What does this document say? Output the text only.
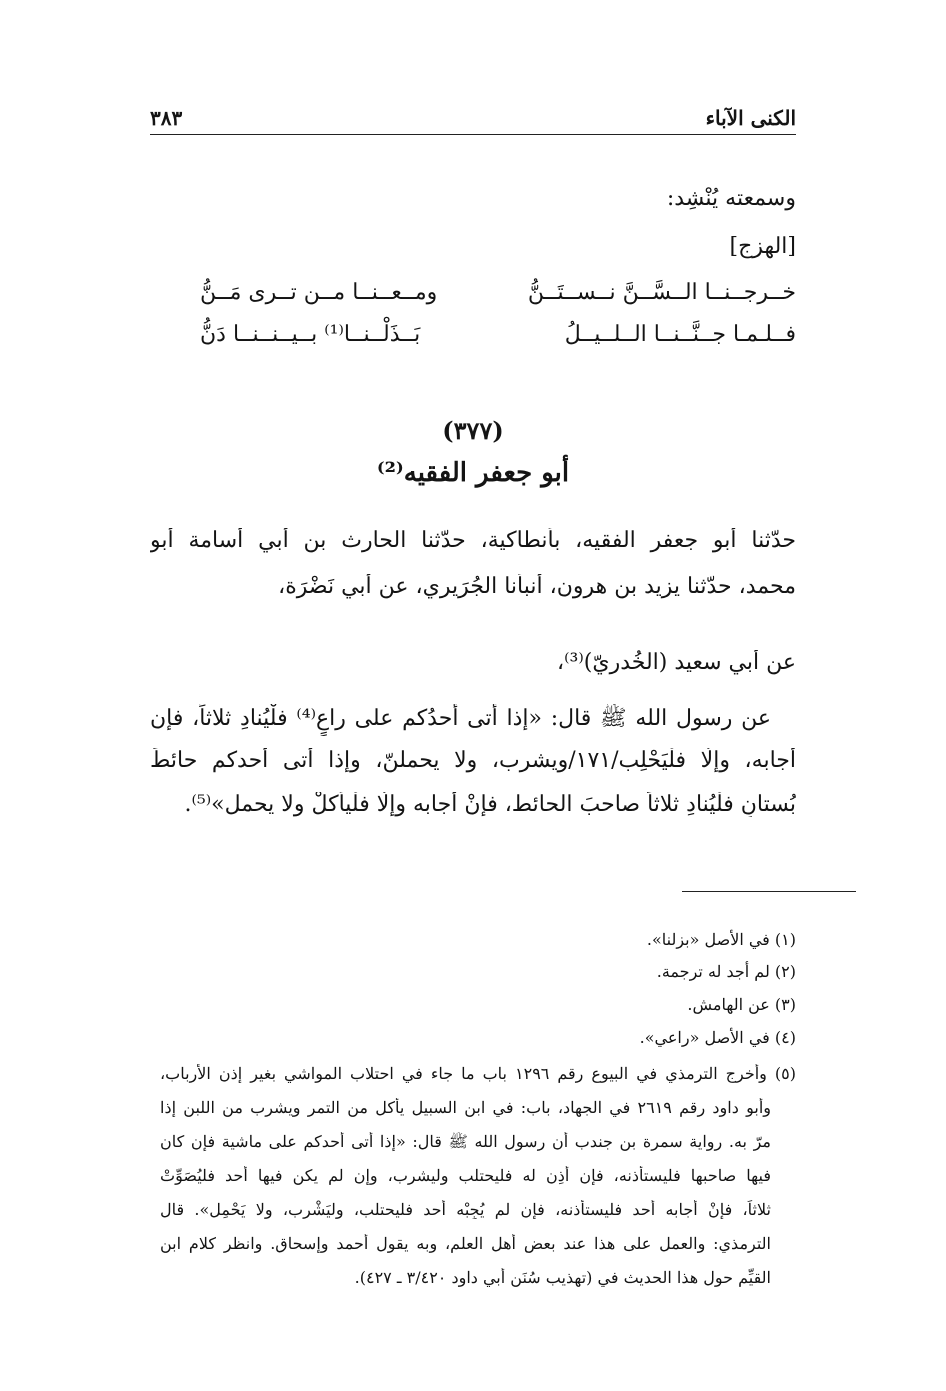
الكنى الآباء
٣٨٣
وسمعته يُنْشِد:
[الهزج]
خــرجــنــا الــسَّــنَّ نــســتَــنُّ
ومــعــنــا مــن تــرى مَــنُّ
فــلـمـا جــنَّــنــا الــلــيــلُ
بَــذَلْــنــا⁽¹⁾ بــيــنــنــا دَنُّ
(٣٧٧)
أبو جعفر الفقيه⁽²⁾
حدّثنا أبو جعفر الفقيه، بأنطاكية، حدّثنا الحارث بن أبي أسامة أبو
محمد، حدّثنا يزيد بن هرون، أنبأنا الجُرَيري، عن أبي نَضْرَة،
عن أبي سعيد (الخُدريّ)⁽³⁾،
عن رسول الله ﷺ قال: «إذا أتى أحدُكم على راعٍ⁽⁴⁾ فلْيُنادِ ثلاثاً، فإن
أجابه، وإلّا فلْيَحْلِب/١٧١/ويشرب، ولا يحملنّ، وإذا أتى أحدكم حائطَ
بُستانٍ فلْيُنادِ ثلاثاً صاحبَ الحائط، فإنْ أجابه وإلّا فلْيأكلْ ولا يحمل»⁽⁵⁾.
(١) في الأصل «بزلنا».
(٢) لم أجد له ترجمة.
(٣) عن الهامش.
(٤) في الأصل «راعي».
(٥) وأخرج الترمذي في البيوع رقم ١٢٩٦ باب ما جاء في احتلاب المواشي بغير إذن الأرباب،
وأبو داود رقم ٢٦١٩ في الجهاد، باب: في ابن السبيل يأكل من التمر ويشرب من اللبن إذا
مرّ به. رواية سمرة بن جندب أن رسول الله ﷺ قال: «إذا أتى أحدكم على ماشية فإن كان
فيها صاحبها فليستأذنه، فإن أذِن له فليحتلب وليشرب، وإن لم يكن فيها أحد فليُصَوِّتْ
ثلاثاً، فإنْ أجابه أحد فليستأذنه، فإن لم يُجِبْه أحد فليحتلب، وليَشْرب، ولا يَحْمِل». قال
الترمذي: والعمل على هذا عند بعض أهل العلم، وبه يقول أحمد وإسحاق. وانظر كلام ابن
القيِّم حول هذا الحديث في (تهذيب سُنَن أبي داود ٣/٤٢٠ ـ ٤٢٧).
